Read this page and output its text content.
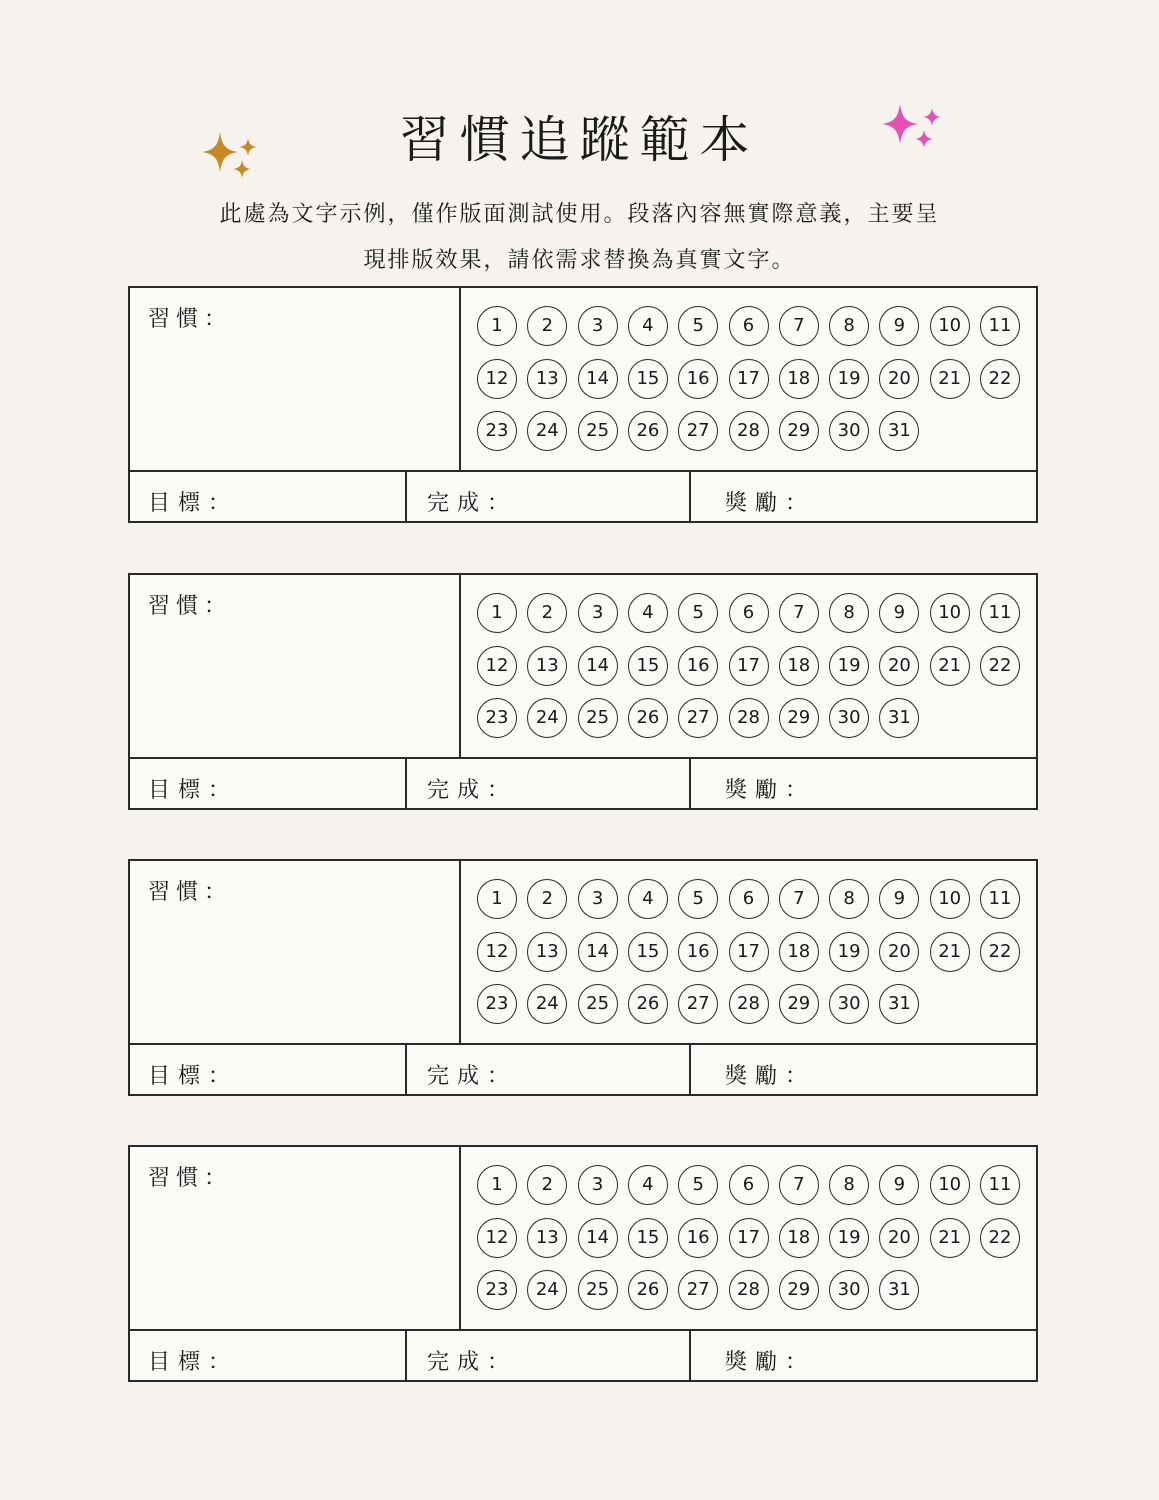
習慣追蹤範本
此處為文字示例，僅作版面測試使用。段落內容無實際意義，主要呈
現排版效果，請依需求替換為真實文字。
習慣：	1	2	3	4	5	6	7	8	9	10	11
12	13	14	15	16	17	18	19	20	21	22
23	24	25	26	27	28	29	30	31
目標：	完成：	獎勵：
習慣：	1	2	3	4	5	6	7	8	9	10	11
12	13	14	15	16	17	18	19	20	21	22
23	24	25	26	27	28	29	30	31
目標：	完成：	獎勵：
習慣：	1	2	3	4	5	6	7	8	9	10	11
12	13	14	15	16	17	18	19	20	21	22
23	24	25	26	27	28	29	30	31
目標：	完成：	獎勵：
習慣：	1	2	3	4	5	6	7	8	9	10	11
12	13	14	15	16	17	18	19	20	21	22
23	24	25	26	27	28	29	30	31
目標：	完成：	獎勵：
